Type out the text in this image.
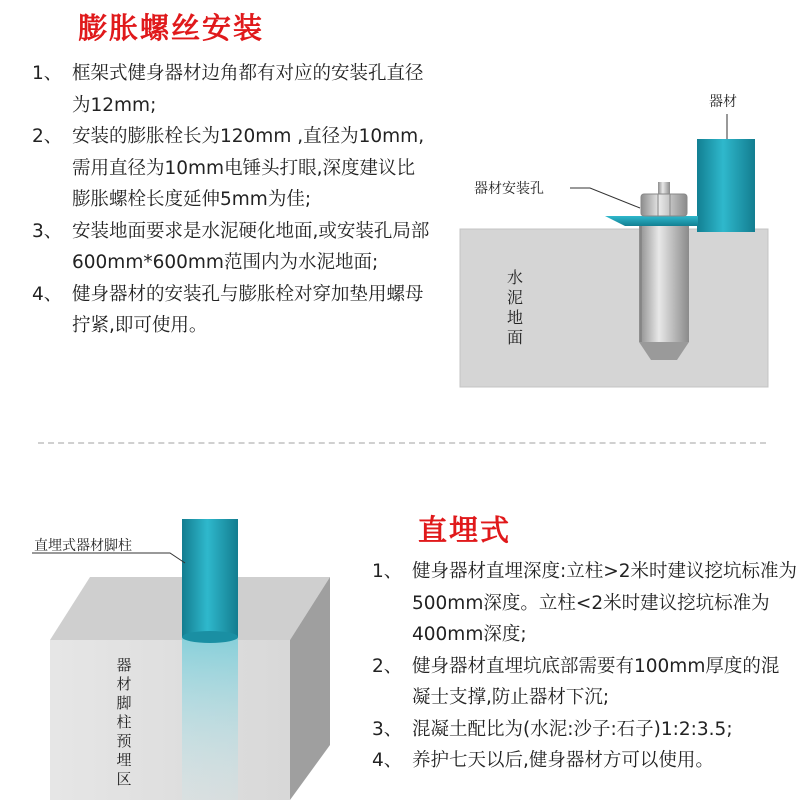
膨胀螺丝安装
1、 框架式健身器材边角都有对应的安装孔直径为12mm;
2、 安装的膨胀栓长为120mm ,直径为10mm,需用直径为10mm电锤头打眼,深度建议比膨胀螺栓长度延伸5mm为佳;
3、 安装地面要求是水泥硬化地面,或安装孔局部 600mm*600mm范围内为水泥地面;
4、 健身器材的安装孔与膨胀栓对穿加垫用螺母拧紧,即可使用。
器材
器材安装孔
水泥地面
直埋式器材脚柱
器材脚柱预埋区
直埋式
1、 健身器材直埋深度:立柱>2米时建议挖坑标准为500mm深度。立柱<2米时建议挖坑标准为400mm深度;
2、 健身器材直埋坑底部需要有100mm厚度的混凝士支撑,防止器材下沉;
3、 混凝土配比为(水泥:沙子:石子)1:2:3.5;
4、 养护七天以后,健身器材方可以使用。
